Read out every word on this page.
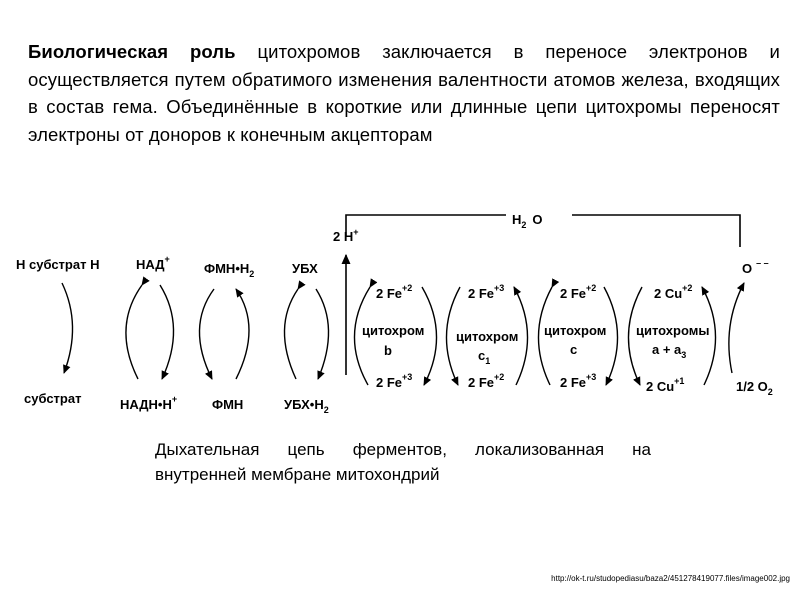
Биологическая роль цитохромов заключается в переносе электронов и осуществляется путем обратимого изменения валентности атомов железа, входящих в состав гема. Объединённые в короткие или длинные цепи цитохромы переносят электроны от доноров к конечным акцепторам
$H_2$ O
2 H+
Н субстрат Н
субстрат
НАД+
НАДН•Н+
$ФМН•Н_2$
ФМН
УБХ
$УБХ•Н_2$
2 $Fe^{+2}$
цитохром
b
2 $Fe^{+3}$
2 $Fe^{+3}$
цитохром
$c_1$
2 $Fe^{+2}$
2 $Fe^{+2}$
цитохром
c
2 $Fe^{+3}$
2 $Cu^{+2}$
цитохромы
$a + a_3$
2 $Cu^{+1}$
O – –
1/2 $O_2$
Дыхательная цепь ферментов, локализованная на внутренней мембране митохондрий
http://ok-t.ru/studopediasu/baza2/451278419077.files/image002.jpg
